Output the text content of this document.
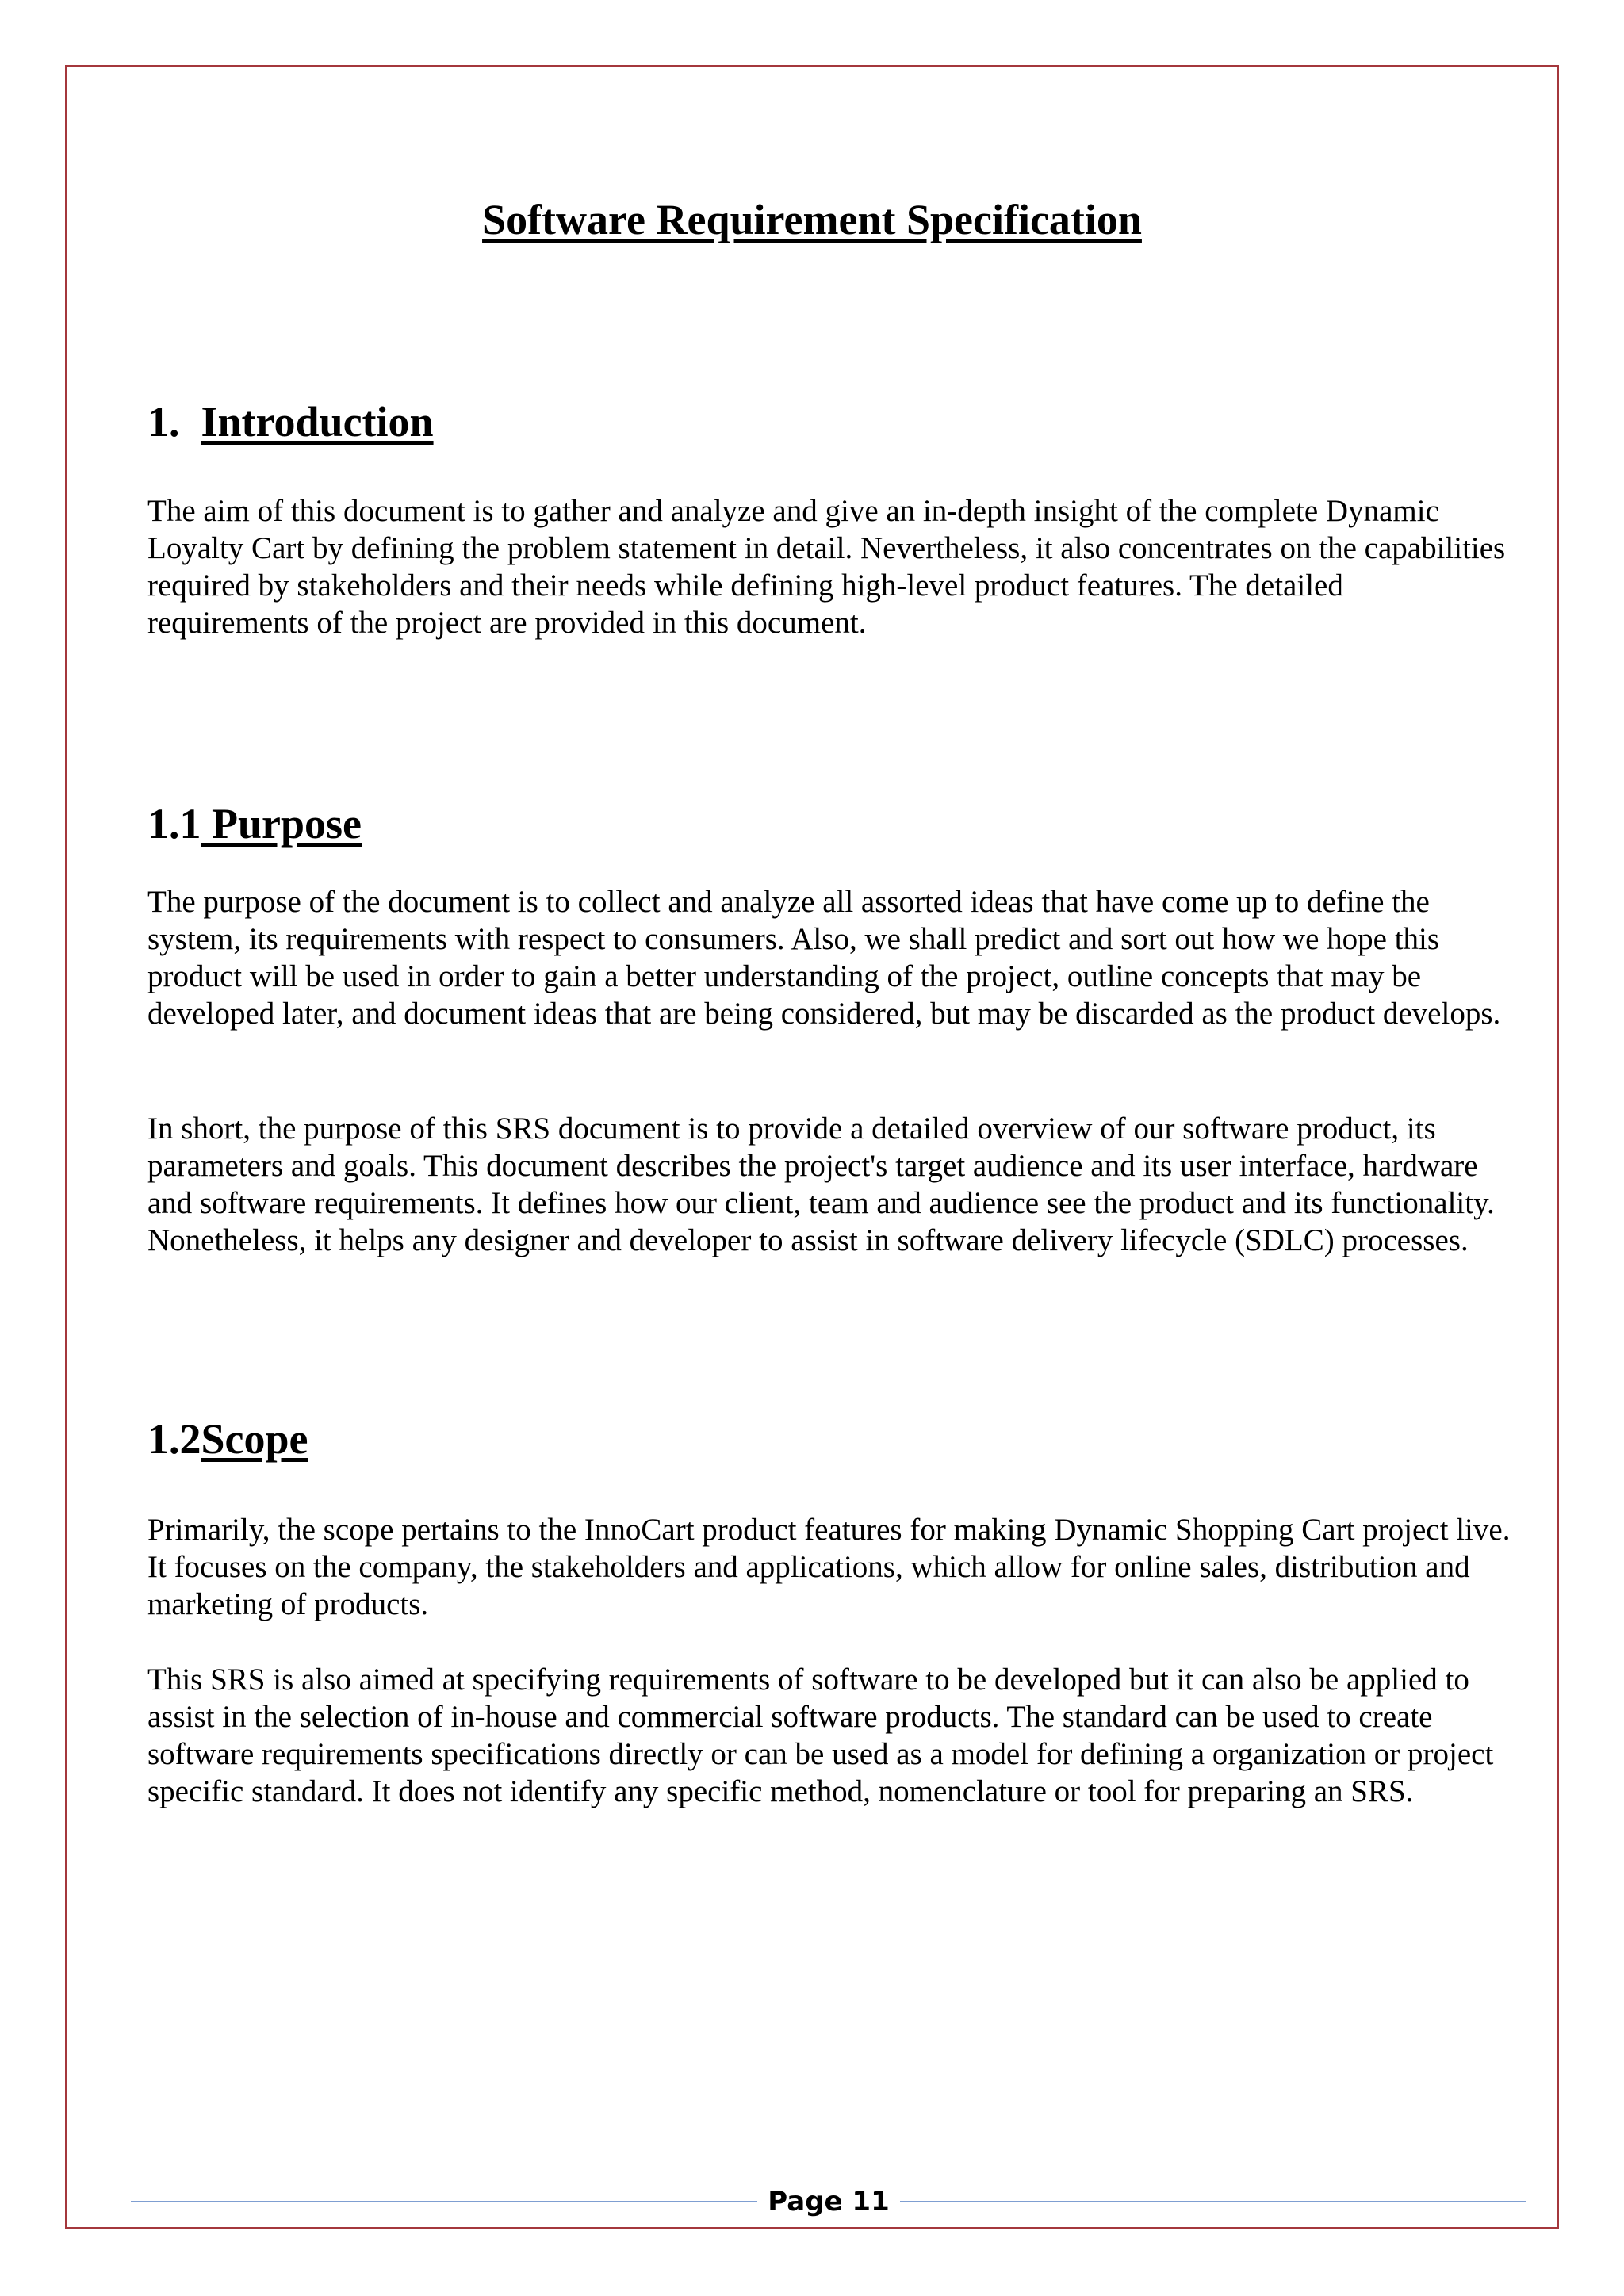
Software Requirement Specification
1.  Introduction

The aim of this document is to gather and analyze and give an in-depth insight of the complete Dynamic Loyalty Cart by defining the problem statement in detail. Nevertheless, it also concentrates on the capabilities required by stakeholders and their needs while defining high-level product features. The detailed requirements of the project are provided in this document.

1.1 Purpose

The purpose of the document is to collect and analyze all assorted ideas that have come up to define the system, its requirements with respect to consumers. Also, we shall predict and sort out how we hope this product will be used in order to gain a better understanding of the project, outline concepts that may be developed later, and document ideas that are being considered, but may be discarded as the product develops.

In short, the purpose of this SRS document is to provide a detailed overview of our software product, its parameters and goals. This document describes the project's target audience and its user interface, hardware and software requirements. It defines how our client, team and audience see the product and its functionality. Nonetheless, it helps any designer and developer to assist in software delivery lifecycle (SDLC) processes.

1.2Scope

Primarily, the scope pertains to the InnoCart product features for making Dynamic Shopping Cart project live. It focuses on the company, the stakeholders and applications, which allow for online sales, distribution and marketing of products.

This SRS is also aimed at specifying requirements of software to be developed but it can also be applied to assist in the selection of in-house and commercial software products. The standard can be used to create software requirements specifications directly or can be used as a model for defining a organization or project specific standard. It does not identify any specific method, nomenclature or tool for preparing an SRS.

Page 11
